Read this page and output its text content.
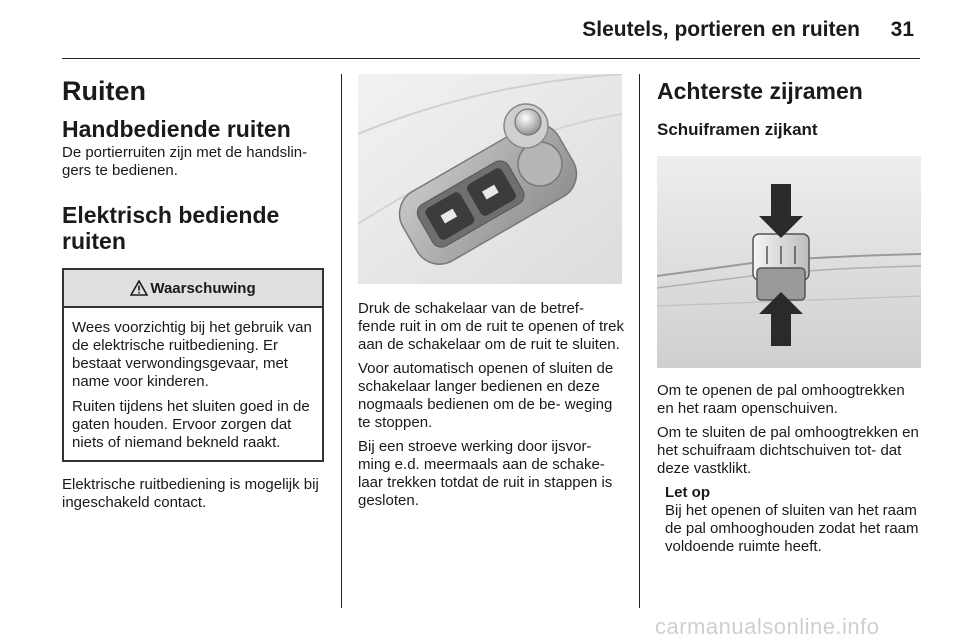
Sleutels, portieren en ruiten 31
Ruiten
Handbediende ruiten

De portierruiten zijn met de handslin- gers te bedienen.

Elektrisch bediende ruiten
Waarschuwing

Wees voorzichtig bij het gebruik van de elektrische ruitbediening. Er bestaat verwondingsgevaar, met name voor kinderen.

Ruiten tijdens het sluiten goed in de gaten houden. Ervoor zorgen dat niets of niemand bekneld raakt.

Elektrische ruitbediening is mogelijk bij ingeschakeld contact.

Druk de schakelaar van de betref- fende ruit in om de ruit te openen of trek aan de schakelaar om de ruit te sluiten.

Voor automatisch openen of sluiten de schakelaar langer bedienen en deze nogmaals bedienen om de be- weging te stoppen.

Bij een stroeve werking door ijsvor- ming e.d. meermaals aan de schake- laar trekken totdat de ruit in stappen is gesloten.

Achterste zijramen
Schuiframen zijkant

Om te openen de pal omhoogtrekken en het raam openschuiven.

Om te sluiten de pal omhoogtrekken en het schuifraam dichtschuiven tot- dat deze vastklikt.

Let op

Bij het openen of sluiten van het raam de pal omhooghouden zodat het raam voldoende ruimte heeft.

carmanualsonline.info
